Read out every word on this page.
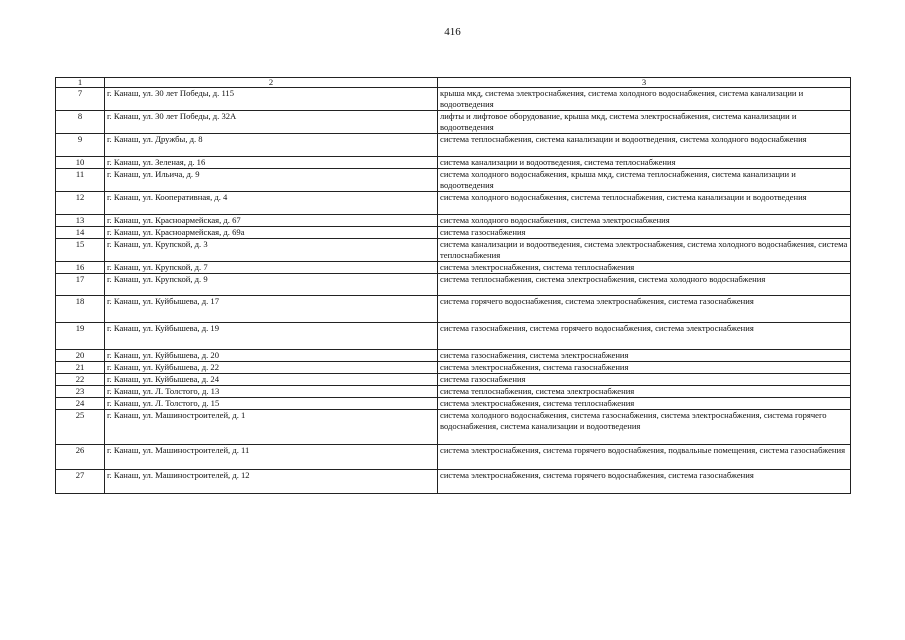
416
1	2	3
7	г. Канаш, ул. 30 лет Победы, д. 115	крыша мкд, система электроснабжения, система холодного водоснабжения, система канализации и водоотведения
8	г. Канаш, ул. 30 лет Победы, д. 32А	лифты и лифтовое оборудование, крыша мкд, система электроснабжения, система канализации и водоотведения
9	г. Канаш, ул. Дружбы, д. 8	система теплоснабжения, система канализации и водоотведения, система холодного водоснабжения
10	г. Канаш, ул. Зеленая, д. 16	система канализации и водоотведения, система теплоснабжения
11	г. Канаш, ул. Ильича, д. 9	система холодного водоснабжения, крыша мкд, система теплоснабжения, система канализации и водоотведения
12	г. Канаш, ул. Кооперативная, д. 4	система холодного водоснабжения, система теплоснабжения, система канализации и водоотведения
13	г. Канаш, ул. Красноармейская, д. 67	система холодного водоснабжения, система электроснабжения
14	г. Канаш, ул. Красноармейская, д. 69а	система газоснабжения
15	г. Канаш, ул. Крупской, д. 3	система канализации и водоотведения, система электроснабжения, система холодного водоснабжения, система теплоснабжения
16	г. Канаш, ул. Крупской, д. 7	система электроснабжения, система теплоснабжения
17	г. Канаш, ул. Крупской, д. 9	система теплоснабжения, система электроснабжения, система холодного водоснабжения
18	г. Канаш, ул. Куйбышева, д. 17	система горячего водоснабжения, система электроснабжения, система газоснабжения
19	г. Канаш, ул. Куйбышева, д. 19	система газоснабжения, система горячего водоснабжения, система электроснабжения
20	г. Канаш, ул. Куйбышева, д. 20	система газоснабжения, система электроснабжения
21	г. Канаш, ул. Куйбышева, д. 22	система электроснабжения, система газоснабжения
22	г. Канаш, ул. Куйбышева, д. 24	система газоснабжения
23	г. Канаш, ул. Л. Толстого, д. 13	система теплоснабжения, система электроснабжения
24	г. Канаш, ул. Л. Толстого, д. 15	система электроснабжения, система теплоснабжения
25	г. Канаш, ул. Машиностроителей, д. 1	система холодного водоснабжения, система газоснабжения, система электроснабжения, система горячего водоснабжения, система канализации и водоотведения
26	г. Канаш, ул. Машиностроителей, д. 11	система электроснабжения, система горячего водоснабжения, подвальные помещения, система газоснабжения
27	г. Канаш, ул. Машиностроителей, д. 12	система электроснабжения, система горячего водоснабжения, система газоснабжения
